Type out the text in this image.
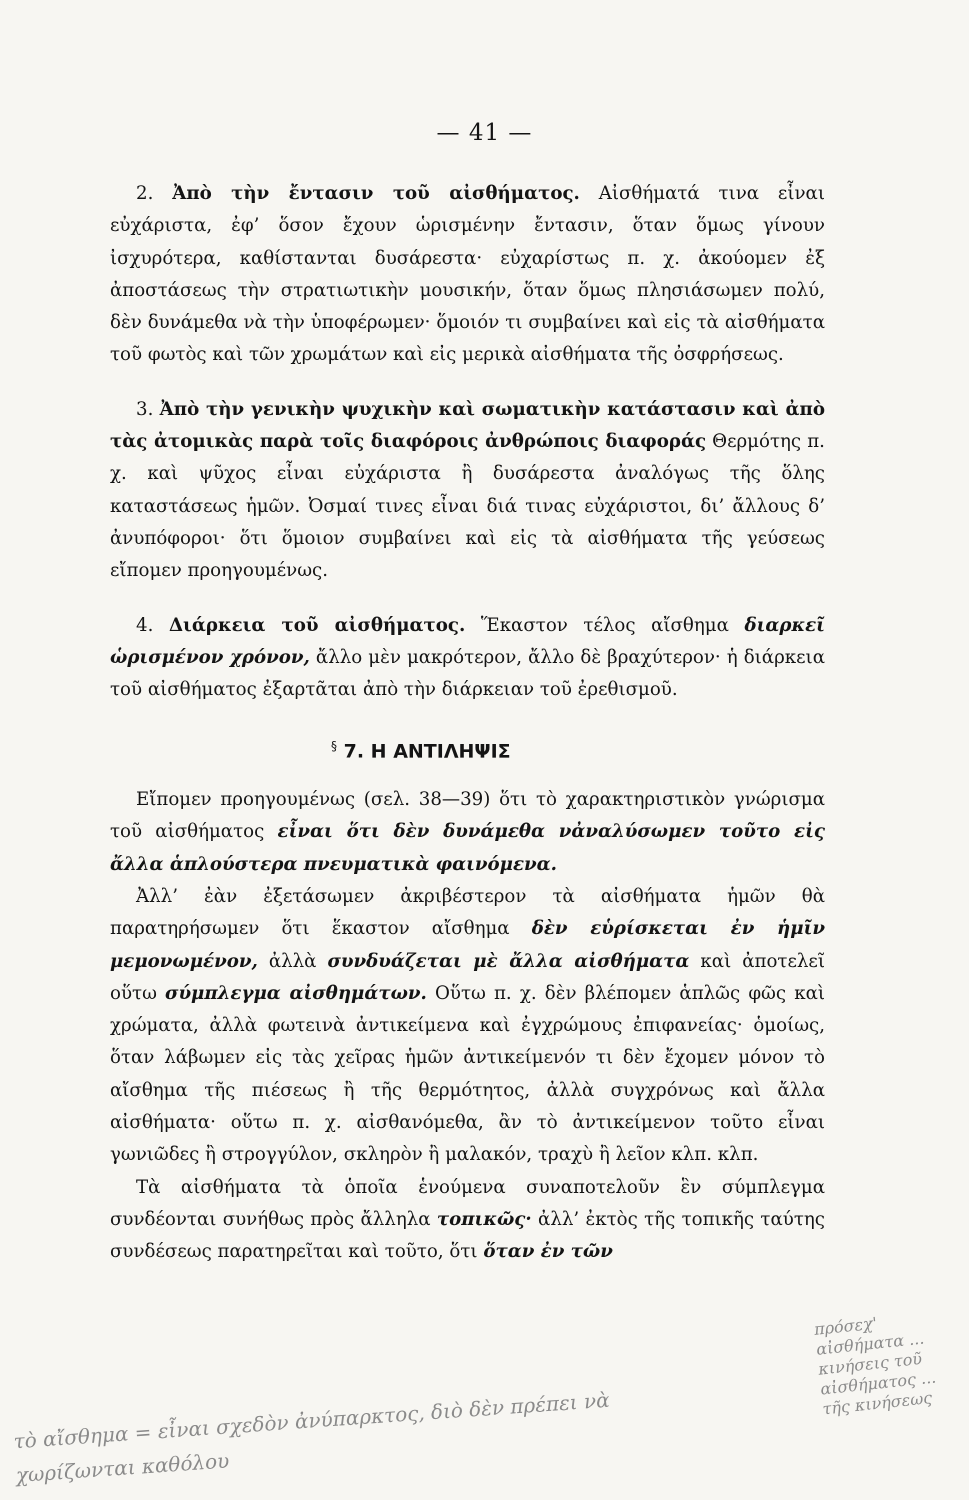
— 41 —

2. Ἀπὸ τὴν ἔντασιν τοῦ αἰσθήματος. Αἰσθήματά τινα εἶναι εὐχάριστα, ἐφ’ ὅσον ἔχουν ὡρισμένην ἔντασιν, ὅταν ὅμως γίνουν ἰσχυρότερα, καθίστανται δυσάρεστα· εὐχαρίστως π. χ. ἀκούομεν ἐξ ἀποστάσεως τὴν στρατιωτικὴν μουσικήν, ὅταν ὅμως πλησιάσωμεν πολύ, δὲν δυνάμεθα νὰ τὴν ὑποφέρωμεν· ὅμοιόν τι συμβαίνει καὶ εἰς τὰ αἰσθήματα τοῦ φωτὸς καὶ τῶν χρωμάτων καὶ εἰς μερικὰ αἰσθήματα τῆς ὀσφρήσεως.

3. Ἀπὸ τὴν γενικὴν ψυχικὴν καὶ σωματικὴν κατάστασιν καὶ ἀπὸ τὰς ἀτομικὰς παρὰ τοῖς διαφόροις ἀνθρώποις διαφοράς Θερμότης π. χ. καὶ ψῦχος εἶναι εὐχάριστα ἢ δυσάρεστα ἀναλόγως τῆς ὅλης καταστάσεως ἡμῶν. Ὀσμαί τινες εἶναι διά τινας εὐχάριστοι, δι’ ἄλλους δ’ ἀνυπόφοροι· ὅτι ὅμοιον συμβαίνει καὶ εἰς τὰ αἰσθήματα τῆς γεύσεως εἴπομεν προηγουμένως.

4. Διάρκεια τοῦ αἰσθήματος. Ἕκαστον τέλος αἴσθημα διαρκεῖ ὡρισμένον χρόνον, ἄλλο μὲν μακρότερον, ἄλλο δὲ βραχύτερον· ἡ διάρκεια τοῦ αἰσθήματος ἐξαρτᾶται ἀπὸ τὴν διάρκειαν τοῦ ἐρεθισμοῦ.

§ 7. Η ΑΝΤΙΛΗΨΙΣ

Εἴπομεν προηγουμένως (σελ. 38—39) ὅτι τὸ χαρακτηριστικὸν γνώρισμα τοῦ αἰσθήματος εἶναι ὅτι δὲν δυνάμεθα νἀναλύσωμεν τοῦτο εἰς ἄλλα ἁπλούστερα πνευματικὰ φαινόμενα.

Ἀλλ’ ἐὰν ἐξετάσωμεν ἀκριβέστερον τὰ αἰσθήματα ἡμῶν θὰ παρατηρήσωμεν ὅτι ἕκαστον αἴσθημα δὲν εὑρίσκεται ἐν ἡμῖν μεμονωμένον, ἀλλὰ συνδυάζεται μὲ ἄλλα αἰσθήματα καὶ ἀποτελεῖ οὕτω σύμπλεγμα αἰσθημάτων. Οὕτω π. χ. δὲν βλέπομεν ἁπλῶς φῶς καὶ χρώματα, ἀλλὰ φωτεινὰ ἀντικείμενα καὶ ἐγχρώμους ἐπιφανείας· ὁμοίως, ὅταν λάβωμεν εἰς τὰς χεῖρας ἡμῶν ἀντικείμενόν τι δὲν ἔχομεν μόνον τὸ αἴσθημα τῆς πιέσεως ἢ τῆς θερμότητος, ἀλλὰ συγχρόνως καὶ ἄλλα αἰσθήματα· οὕτω π. χ. αἰσθανόμεθα, ἂν τὸ ἀντικείμενον τοῦτο εἶναι γωνιῶδες ἢ στρογγύλον, σκληρὸν ἢ μαλακόν, τραχὺ ἢ λεῖον κλπ. κλπ.

Τὰ αἰσθήματα τὰ ὁποῖα ἑνούμενα συναποτελοῦν ἓν σύμπλεγμα συνδέονται συνήθως πρὸς ἄλληλα τοπικῶς· ἀλλ’ ἐκτὸς τῆς τοπικῆς ταύτης συνδέσεως παρατηρεῖται καὶ τοῦτο, ὅτι ὅταν ἐν τῶν

πρόσεχ' αἰσθήματα ... κινήσεις τοῦ αἰσθήματος ... τῆς κινήσεως
τὸ αἴσθημα = εἶναι σχεδὸν ἀνύπαρκτος, διὸ δὲν πρέπει νὰ χωρίζωνται καθόλου
